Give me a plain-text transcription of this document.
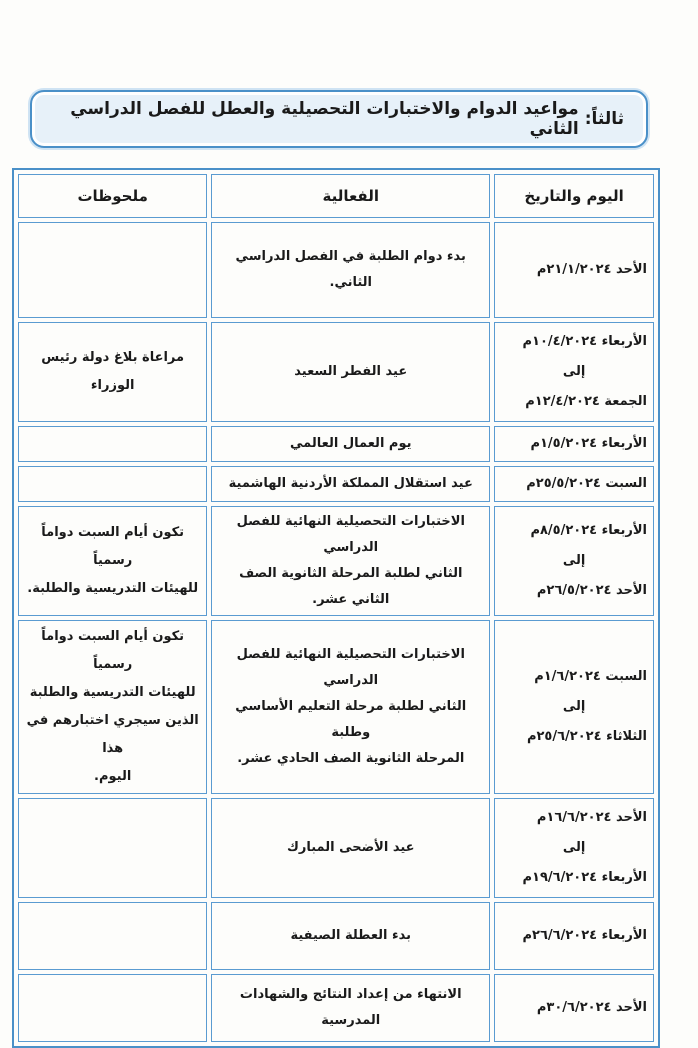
ثالثاً:
مواعيد الدوام والاختبارات التحصيلية والعطل للفصل الدراسي الثاني
اليوم والتاريخ	الفعالية	ملحوظات

الأحد ٢١/١/٢٠٢٤م	بدء دوام الطلبة في الفصل الدراسي الثاني.	

الأربعاء ١٠/٤/٢٠٢٤م
إلى
الجمعة ١٢/٤/٢٠٢٤م	عيد الفطر السعيد	مراعاة بلاغ دولة رئيس الوزراء

الأربعاء ١/٥/٢٠٢٤م	يوم العمال العالمي	

السبت ٢٥/٥/٢٠٢٤م	عيد استقلال المملكة الأردنية الهاشمية	

الأربعاء ٨/٥/٢٠٢٤م
إلى
الأحد ٢٦/٥/٢٠٢٤م	الاختبارات التحصيلية النهائية للفصل الدراسي
الثاني لطلبة المرحلة الثانوية الصف الثاني عشر.	تكون أيام السبت دواماً رسمياً
للهيئات التدريسية والطلبة.

السبت ١/٦/٢٠٢٤م
إلى
الثلاثاء ٢٥/٦/٢٠٢٤م	الاختبارات التحصيلية النهائية للفصل الدراسي
الثاني لطلبة مرحلة التعليم الأساسي وطلبة
المرحلة الثانوية الصف الحادي عشر.	تكون أيام السبت دواماً رسمياً
للهيئات التدريسية والطلبة
الذين سيجري اختبارهم في هذا
اليوم.

الأحد ١٦/٦/٢٠٢٤م
إلى
الأربعاء ١٩/٦/٢٠٢٤م	عيد الأضحى المبارك	

الأربعاء ٢٦/٦/٢٠٢٤م	بدء العطلة الصيفية	

الأحد ٣٠/٦/٢٠٢٤م	الانتهاء من إعداد النتائج والشهادات المدرسية	
